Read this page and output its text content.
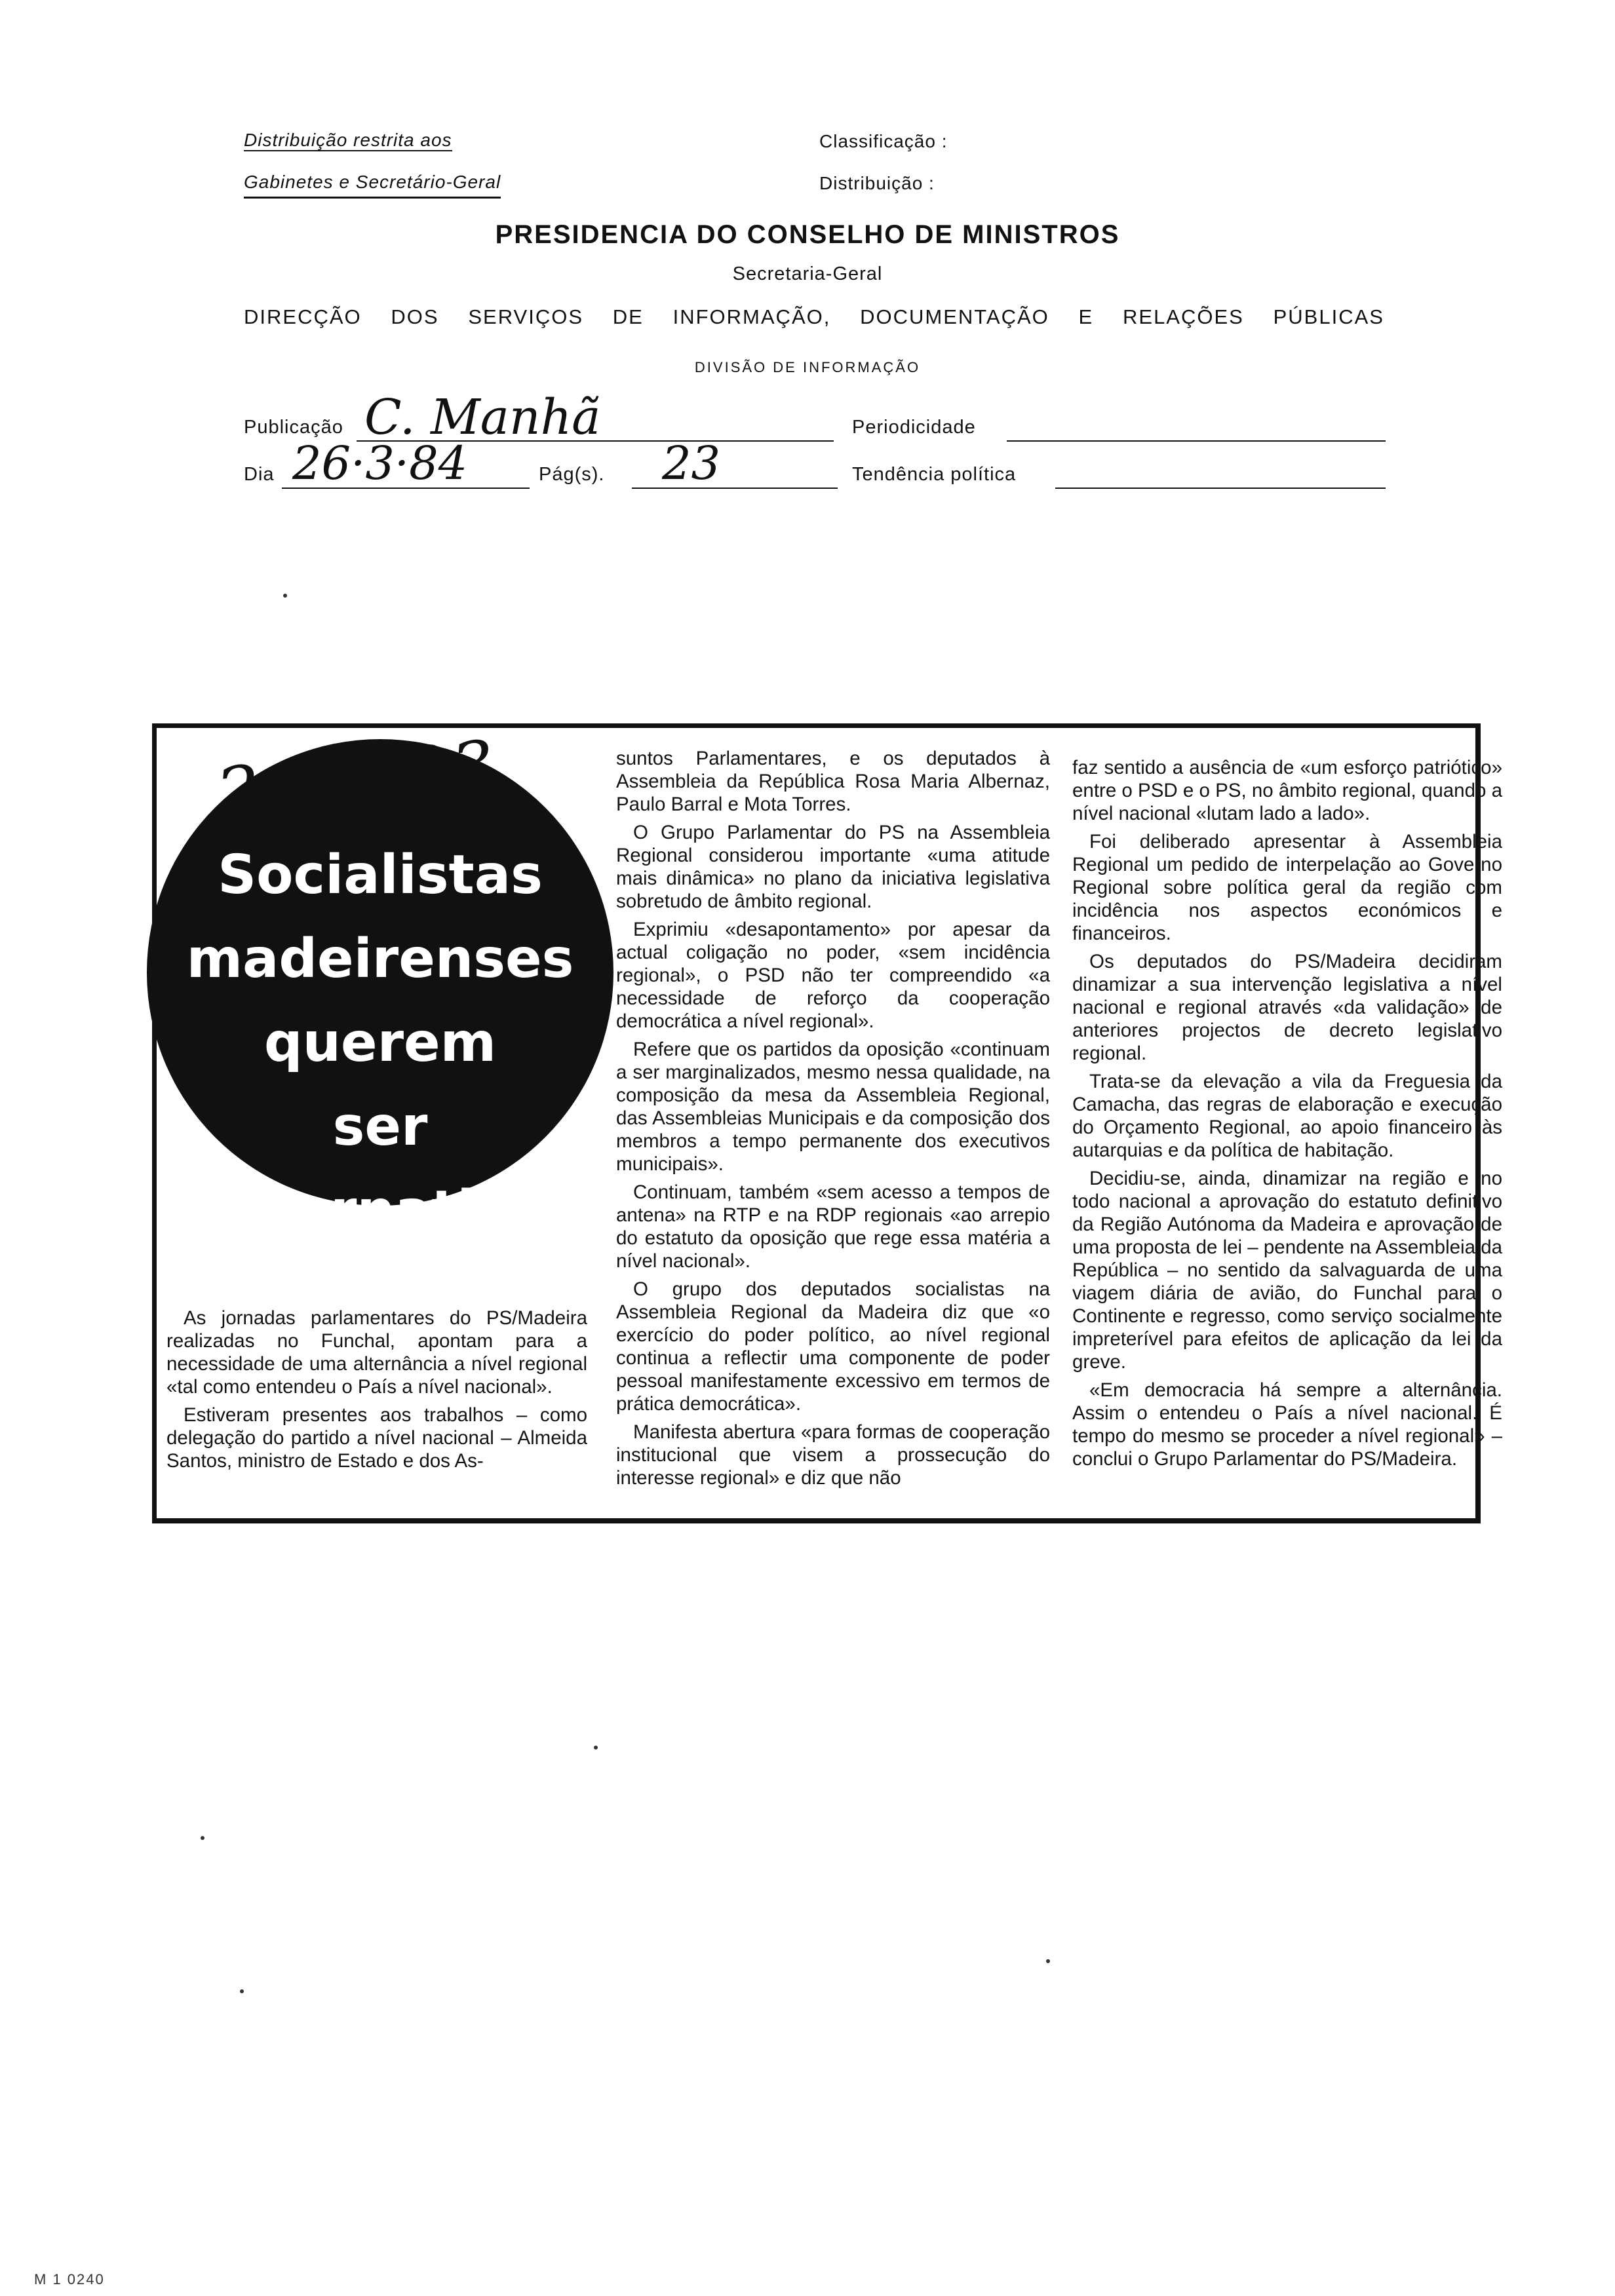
Distribuição restrita aos
Gabinetes e Secretário-Geral
Classificação :
Distribuição :
PRESIDENCIA DO CONSELHO DE MINISTROS
Secretaria-Geral
DIRECÇÃO DOS SERVIÇOS DE INFORMAÇÃO, DOCUMENTAÇÃO E RELAÇÕES PÚBLICAS
DIVISÃO DE INFORMAÇÃO
Publicação C. Manhã	Periodicidade
Dia 26·3·84	Pág(s). 23	Tendência política
26/3/23
Socialistas
madeirenses
querem
ser
alternativa

As jornadas parlamentares do PS/Madeira realizadas no Funchal, apontam para a necessidade de uma alternância a nível regional «tal como entendeu o País a nível nacional».

Estiveram presentes aos trabalhos – como delegação do partido a nível nacional – Almeida Santos, ministro de Estado e dos As-

suntos Parlamentares, e os deputados à Assembleia da República Rosa Maria Albernaz, Paulo Barral e Mota Torres.

O Grupo Parlamentar do PS na Assembleia Regional considerou importante «uma atitude mais dinâmica» no plano da iniciativa legislativa sobretudo de âmbito regional.

Exprimiu «desapontamento» por apesar da actual coligação no poder, «sem incidência regional», o PSD não ter compreendido «a necessidade de reforço da cooperação democrática a nível regional».

Refere que os partidos da oposição «continuam a ser marginalizados, mesmo nessa qualidade, na composição da mesa da Assembleia Regional, das Assembleias Municipais e da composição dos membros a tempo permanente dos executivos municipais».

Continuam, também «sem acesso a tempos de antena» na RTP e na RDP regionais «ao arrepio do estatuto da oposição que rege essa matéria a nível nacional».

O grupo dos deputados socialistas na Assembleia Regional da Madeira diz que «o exercício do poder político, ao nível regional continua a reflectir uma componente de poder pessoal manifestamente excessivo em termos de prática democrática».

Manifesta abertura «para formas de cooperação institucional que visem a prossecução do interesse regional» e diz que não

faz sentido a ausência de «um esforço patriótico» entre o PSD e o PS, no âmbito regional, quando a nível nacional «lutam lado a lado».

Foi deliberado apresentar à Assembleia Regional um pedido de interpelação ao Governo Regional sobre política geral da região com incidência nos aspectos económicos e financeiros.

Os deputados do PS/Madeira decidiram dinamizar a sua intervenção legislativa a nível nacional e regional através «da validação» de anteriores projectos de decreto legislativo regional.

Trata-se da elevação a vila da Freguesia da Camacha, das regras de elaboração e execução do Orçamento Regional, ao apoio financeiro às autarquias e da política de habitação.

Decidiu-se, ainda, dinamizar na região e no todo nacional a aprovação do estatuto definitivo da Região Autónoma da Madeira e aprovação de uma proposta de lei – pendente na Assembleia da República – no sentido da salvaguarda de uma viagem diária de avião, do Funchal para o Continente e regresso, como serviço socialmente impreterível para efeitos de aplicação da lei da greve.

«Em democracia há sempre a alternância. Assim o entendeu o País a nível nacional. É tempo do mesmo se proceder a nível regional» – conclui o Grupo Parlamentar do PS/Madeira.

M 1 0240
